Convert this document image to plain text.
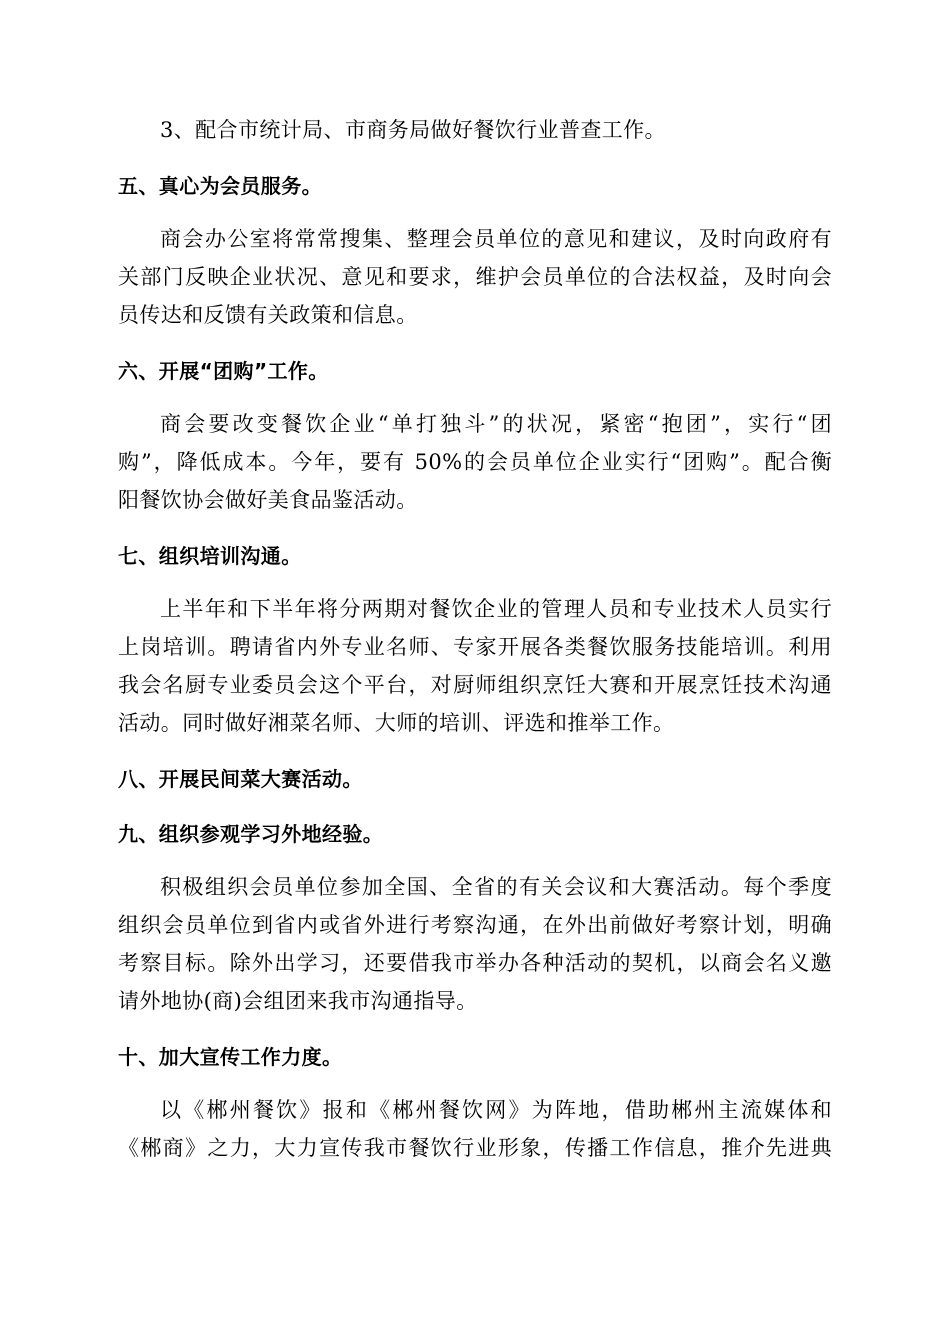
3、配合市统计局、市商务局做好餐饮行业普查工作。
五、真心为会员服务。
商会办公室将常常搜集、整理会员单位的意见和建议，及时向政府有
关部门反映企业状况、意见和要求，维护会员单位的合法权益，及时向会
员传达和反馈有关政策和信息。
六、开展“团购”工作。
商会要改变餐饮企业“单打独斗”的状况，紧密“抱团”，实行“团
购”，降低成本。今年，要有 50%的会员单位企业实行“团购”。配合衡
阳餐饮协会做好美食品鉴活动。
七、组织培训沟通。
上半年和下半年将分两期对餐饮企业的管理人员和专业技术人员实行
上岗培训。聘请省内外专业名师、专家开展各类餐饮服务技能培训。利用
我会名厨专业委员会这个平台，对厨师组织烹饪大赛和开展烹饪技术沟通
活动。同时做好湘菜名师、大师的培训、评选和推举工作。
八、开展民间菜大赛活动。
九、组织参观学习外地经验。
积极组织会员单位参加全国、全省的有关会议和大赛活动。每个季度
组织会员单位到省内或省外进行考察沟通，在外出前做好考察计划，明确
考察目标。除外出学习，还要借我市举办各种活动的契机，以商会名义邀
请外地协(商)会组团来我市沟通指导。
十、加大宣传工作力度。
以《郴州餐饮》报和《郴州餐饮网》为阵地，借助郴州主流媒体和
《郴商》之力，大力宣传我市餐饮行业形象，传播工作信息，推介先进典
